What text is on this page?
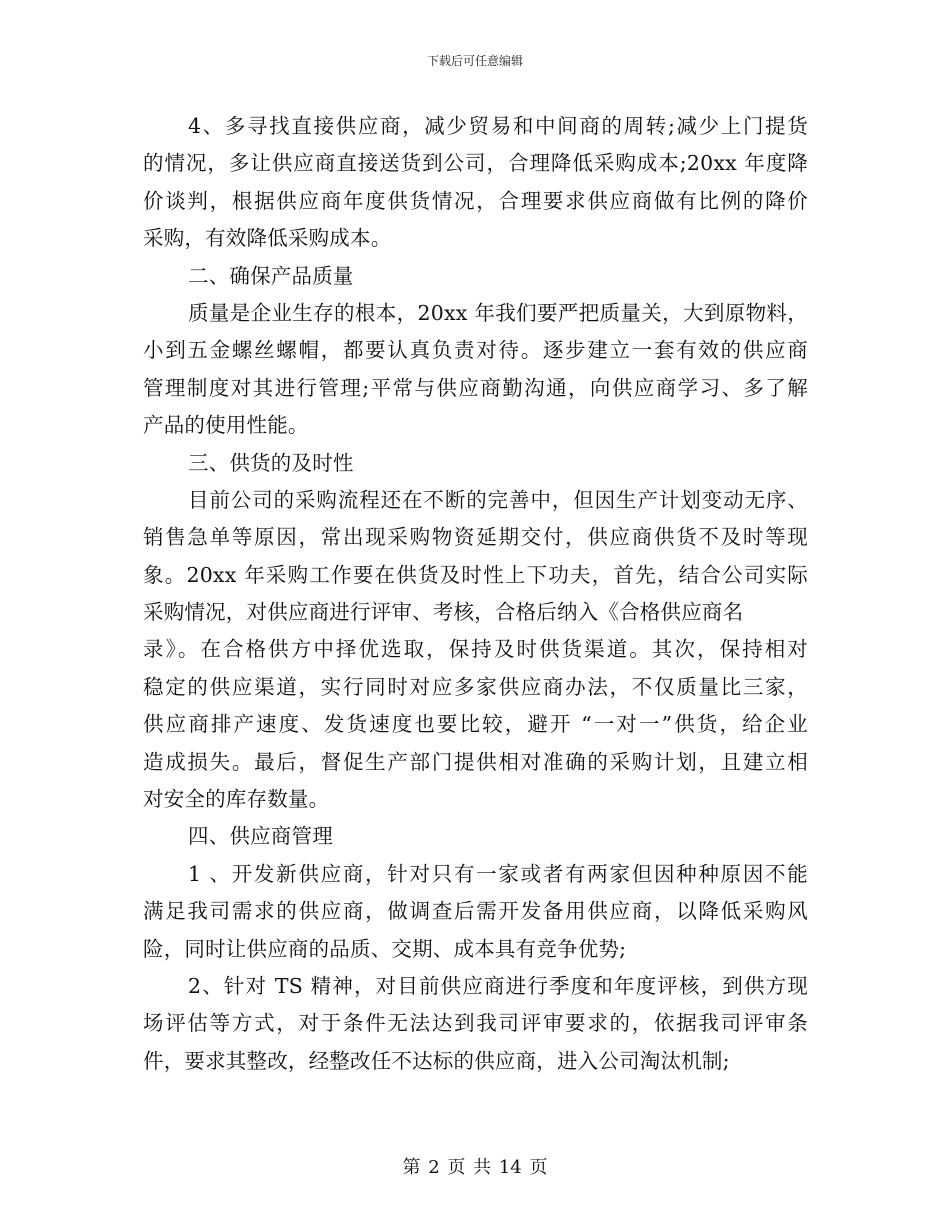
下载后可任意编辑
4、多寻找直接供应商，减少贸易和中间商的周转;减少上门提货
的情况，多让供应商直接送货到公司，合理降低采购成本;20xx 年度降
价谈判，根据供应商年度供货情况，合理要求供应商做有比例的降价
采购，有效降低采购成本。
二、确保产品质量
质量是企业生存的根本，20xx 年我们要严把质量关，大到原物料，
小到五金螺丝螺帽，都要认真负责对待。逐步建立一套有效的供应商
管理制度对其进行管理;平常与供应商勤沟通，向供应商学习、多了解
产品的使用性能。
三、供货的及时性
目前公司的采购流程还在不断的完善中，但因生产计划变动无序、
销售急单等原因，常出现采购物资延期交付，供应商供货不及时等现
象。20xx 年采购工作要在供货及时性上下功夫，首先，结合公司实际
采购情况，对供应商进行评审、考核，合格后纳入《合格供应商名
录》。在合格供方中择优选取，保持及时供货渠道。其次，保持相对
稳定的供应渠道，实行同时对应多家供应商办法，不仅质量比三家，
供应商排产速度、发货速度也要比较，避开 “一对一”供货，给企业
造成损失。最后，督促生产部门提供相对准确的采购计划，且建立相
对安全的库存数量。
四、供应商管理
1 、开发新供应商，针对只有一家或者有两家但因种种原因不能
满足我司需求的供应商，做调查后需开发备用供应商，以降低采购风
险，同时让供应商的品质、交期、成本具有竞争优势;
2、针对 TS 精神，对目前供应商进行季度和年度评核，到供方现
场评估等方式，对于条件无法达到我司评审要求的，依据我司评审条
件，要求其整改，经整改任不达标的供应商，进入公司淘汰机制;
第 2 页 共 14 页
